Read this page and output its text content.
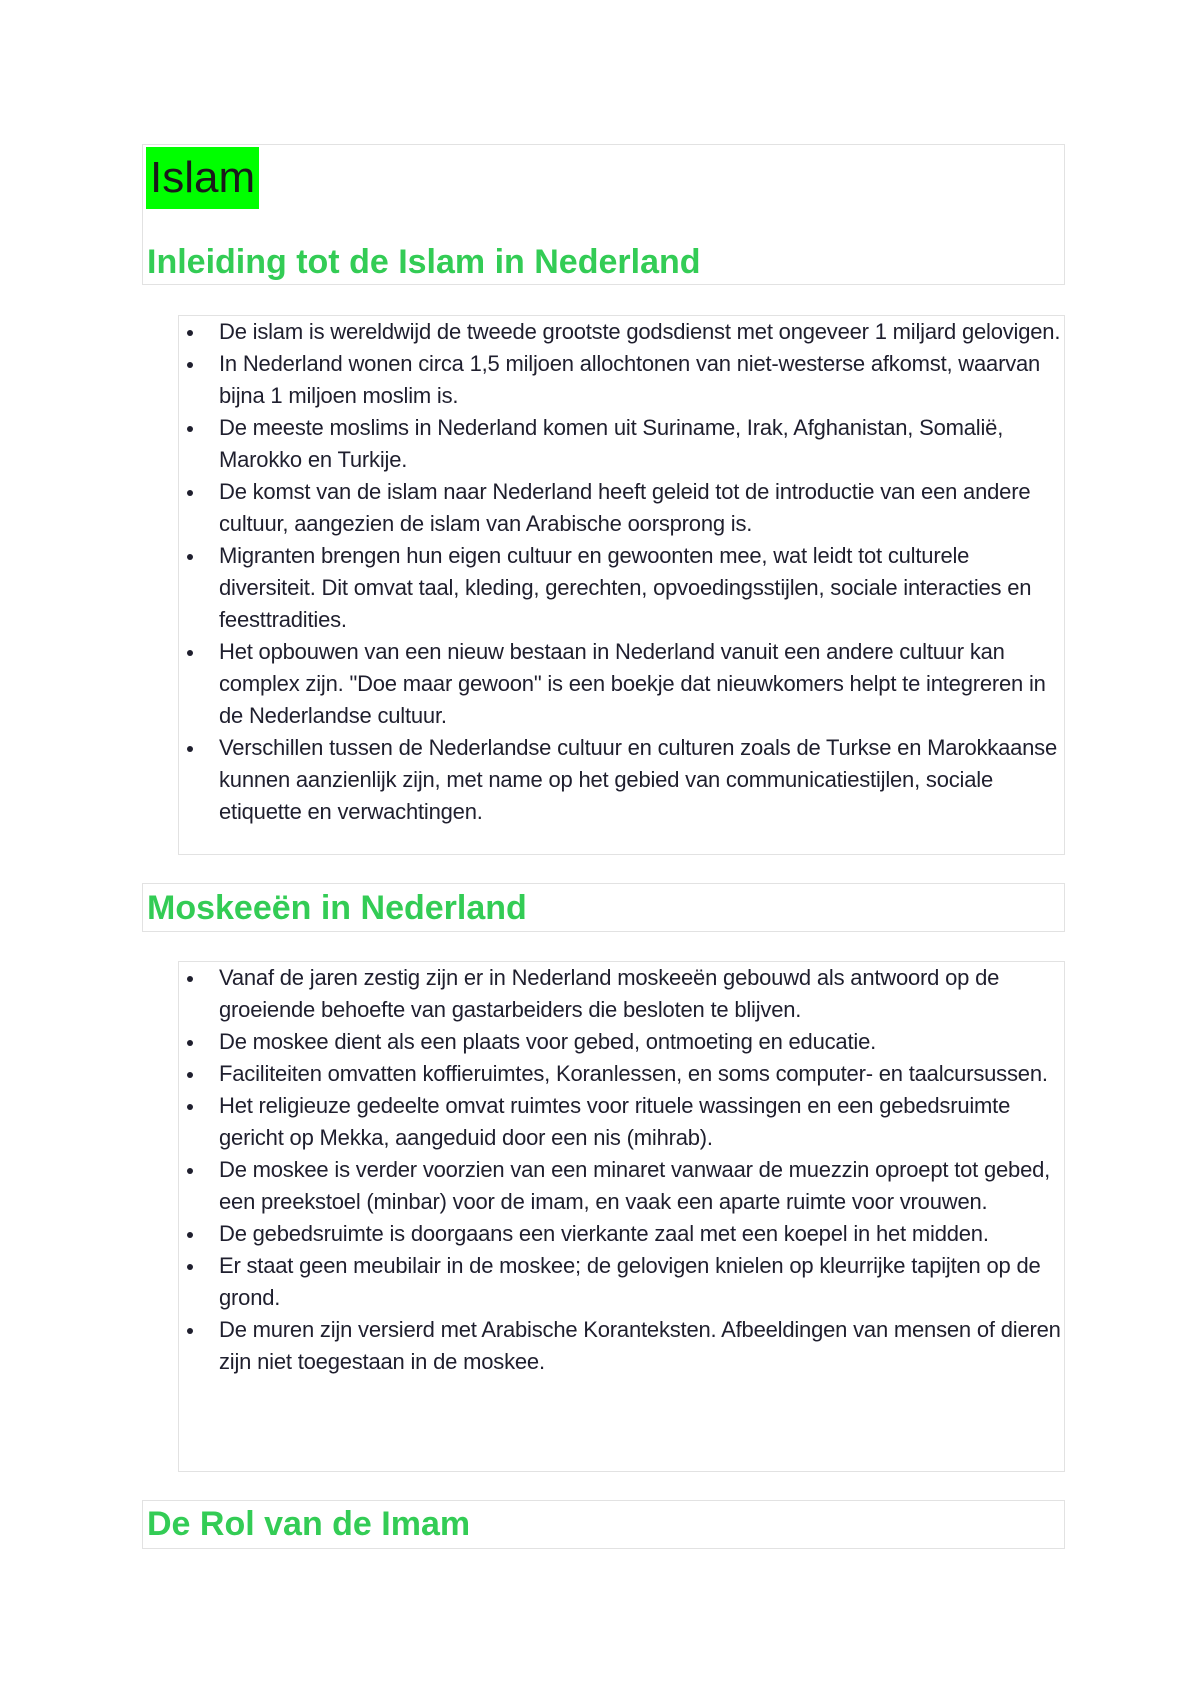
Islam
Inleiding tot de Islam in Nederland
De islam is wereldwijd de tweede grootste godsdienst met ongeveer 1 miljard gelovigen.
In Nederland wonen circa 1,5 miljoen allochtonen van niet-westerse afkomst, waarvan bijna 1 miljoen moslim is.
De meeste moslims in Nederland komen uit Suriname, Irak, Afghanistan, Somalië, Marokko en Turkije.
De komst van de islam naar Nederland heeft geleid tot de introductie van een andere cultuur, aangezien de islam van Arabische oorsprong is.
Migranten brengen hun eigen cultuur en gewoonten mee, wat leidt tot culturele diversiteit. Dit omvat taal, kleding, gerechten, opvoedingsstijlen, sociale interacties en feesttradities.
Het opbouwen van een nieuw bestaan in Nederland vanuit een andere cultuur kan complex zijn. "Doe maar gewoon" is een boekje dat nieuwkomers helpt te integreren in de Nederlandse cultuur.
Verschillen tussen de Nederlandse cultuur en culturen zoals de Turkse en Marokkaanse kunnen aanzienlijk zijn, met name op het gebied van communicatiestijlen, sociale etiquette en verwachtingen.
Moskeeën in Nederland
Vanaf de jaren zestig zijn er in Nederland moskeeën gebouwd als antwoord op de groeiende behoefte van gastarbeiders die besloten te blijven.
De moskee dient als een plaats voor gebed, ontmoeting en educatie.
Faciliteiten omvatten koffieruimtes, Koranlessen, en soms computer- en taalcursussen.
Het religieuze gedeelte omvat ruimtes voor rituele wassingen en een gebedsruimte gericht op Mekka, aangeduid door een nis (mihrab).
De moskee is verder voorzien van een minaret vanwaar de muezzin oproept tot gebed, een preekstoel (minbar) voor de imam, en vaak een aparte ruimte voor vrouwen.
De gebedsruimte is doorgaans een vierkante zaal met een koepel in het midden.
Er staat geen meubilair in de moskee; de gelovigen knielen op kleurrijke tapijten op de grond.
De muren zijn versierd met Arabische Koranteksten. Afbeeldingen van mensen of dieren zijn niet toegestaan in de moskee.
De Rol van de Imam
